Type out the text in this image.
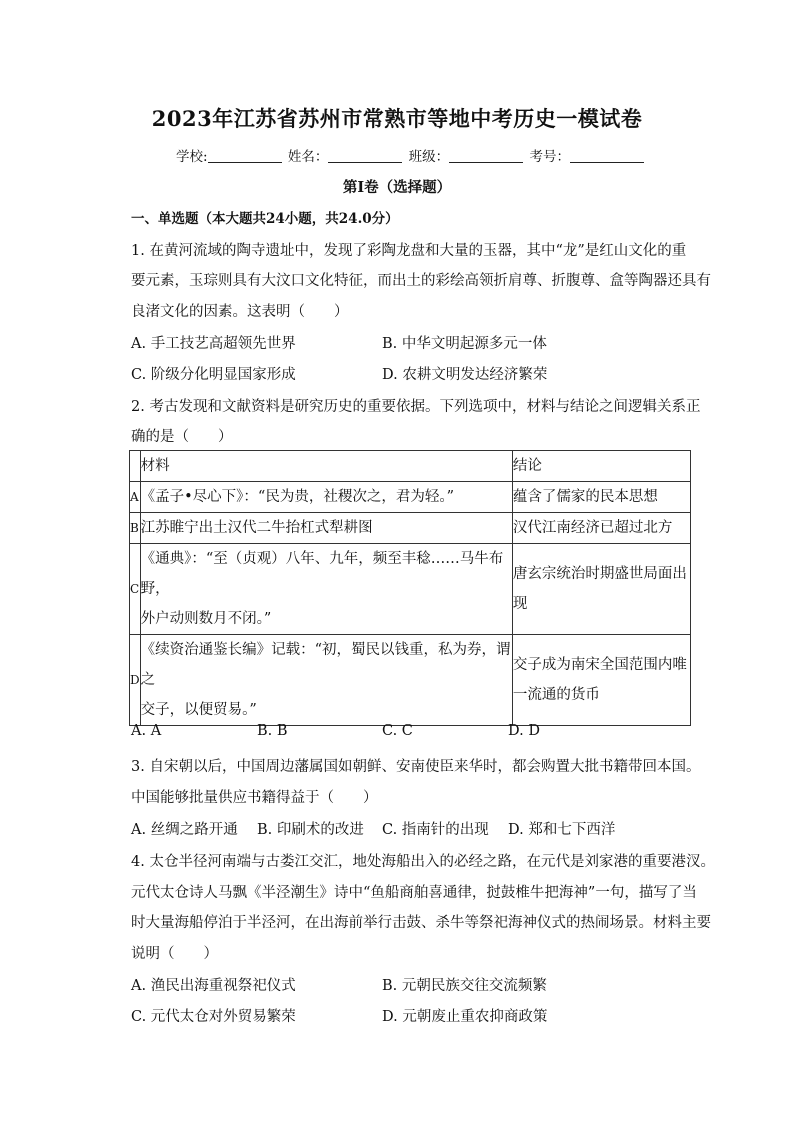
2023年江苏省苏州市常熟市等地中考历史一模试卷
学校:	姓名：	班级：	考号：
第I卷（选择题）
一、单选题（本大题共24小题，共24.0分）
1. 在黄河流域的陶寺遗址中，发现了彩陶龙盘和大量的玉器，其中“龙”是红山文化的重
要元素，玉琮则具有大汶口文化特征，而出土的彩绘高领折肩尊、折腹尊、盒等陶器还具有
良渚文化的因素。这表明（　　）
A. 手工技艺高超领先世界	B. 中华文明起源多元一体
C. 阶级分化明显国家形成	D. 农耕文明发达经济繁荣
2. 考古发现和文献资料是研究历史的重要依据。下列选项中，材料与结论之间逻辑关系正
确的是（　　）
	材料	结论
A	《孟子•尽心下》：“民为贵，社稷次之，君为轻。”	蕴含了儒家的民本思想
B	江苏睢宁出土汉代二牛抬杠式犁耕图	汉代江南经济已超过北方
C	《通典》：“至（贞观）八年、九年，频至丰稔……马牛布野，
外户动则数月不闭。”	唐玄宗统治时期盛世局面出
现
D	《续资治通鉴长编》记载：“初，蜀民以钱重，私为券，谓之
交子，以便贸易。”	交子成为南宋全国范围内唯
一流通的货币
A. A	B. B	C. C	D. D
3. 自宋朝以后，中国周边藩属国如朝鲜、安南使臣来华时，都会购置大批书籍带回本国。
中国能够批量供应书籍得益于（　　）
A. 丝绸之路开通 B. 印刷术的改进 C. 指南针的出现 D. 郑和七下西洋
4. 太仓半径河南端与古娄江交汇，地处海船出入的必经之路，在元代是刘家港的重要港汊。
元代太仓诗人马飘《半泾潮生》诗中“鱼船商舶喜通律，挝鼓椎牛把海神”一句，描写了当
时大量海船停泊于半泾河，在出海前举行击鼓、杀牛等祭祀海神仪式的热闹场景。材料主要
说明（　　）
A. 渔民出海重视祭祀仪式	B. 元朝民族交往交流频繁
C. 元代太仓对外贸易繁荣	D. 元朝废止重农抑商政策
